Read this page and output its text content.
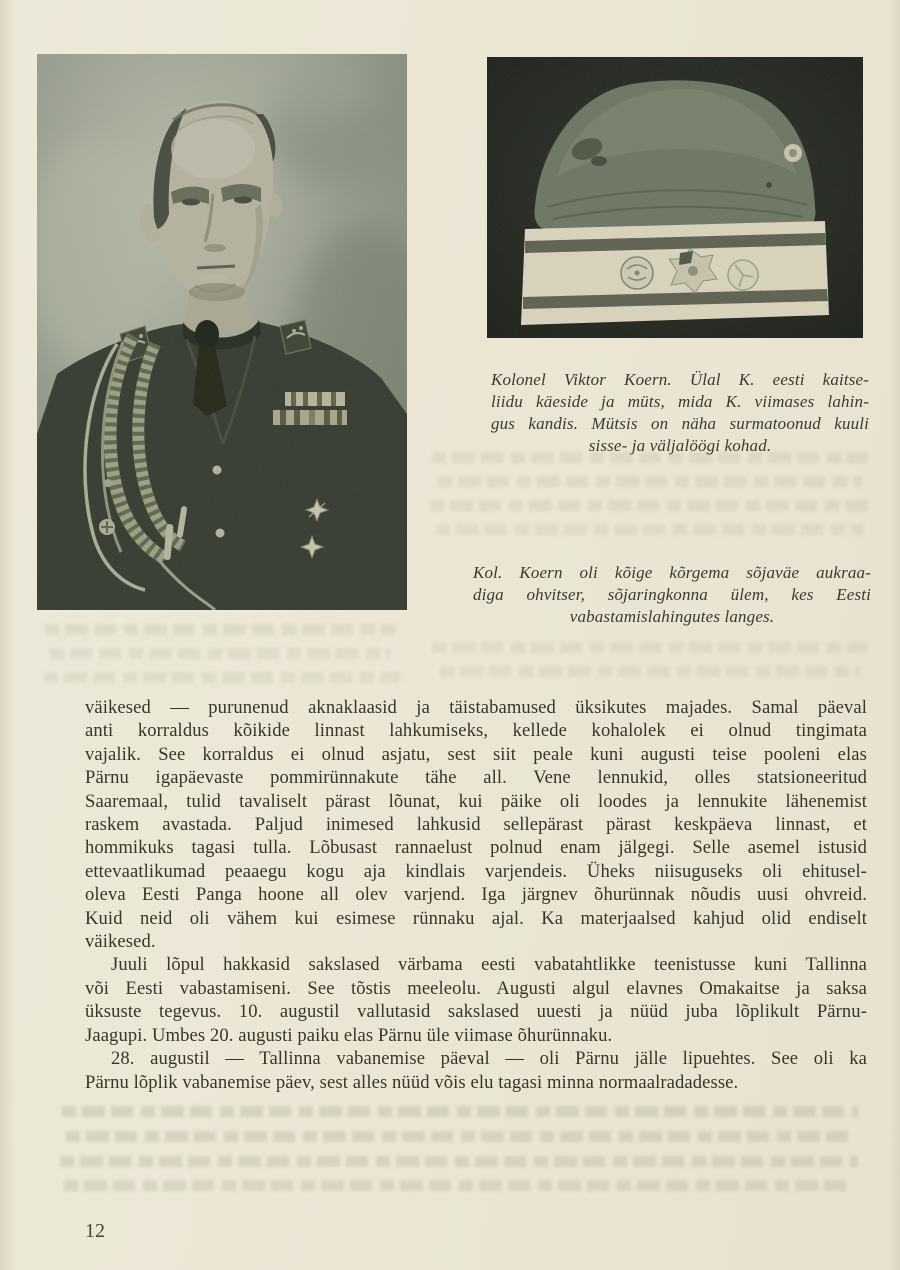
Kolonel Viktor Koern. Ülal K. eesti kaitse-
liidu käeside ja müts, mida K. viimases lahin-
gus kandis. Mütsis on näha surmatoonud kuuli
sisse- ja väljalöögi kohad.
Kol. Koern oli kõige kõrgema sõjaväe aukraa-
diga ohvitser, sõjaringkonna ülem, kes Eesti
vabastamislahingutes langes.
väikesed — purunenud aknaklaasid ja täistabamused üksikutes majades. Samal päeval
anti korraldus kõikide linnast lahkumiseks, kellede kohalolek ei olnud tingimata
vajalik. See korraldus ei olnud asjatu, sest siit peale kuni augusti teise pooleni elas
Pärnu igapäevaste pommirünnakute tähe all. Vene lennukid, olles statsioneeritud
Saaremaal, tulid tavaliselt pärast lõunat, kui päike oli loodes ja lennukite lähenemist
raskem avastada. Paljud inimesed lahkusid sellepärast pärast keskpäeva linnast, et
hommikuks tagasi tulla. Lõbusast rannaelust polnud enam jälgegi. Selle asemel istusid
ettevaatlikumad peaaegu kogu aja kindlais varjendeis. Üheks niisuguseks oli ehitusel-
oleva Eesti Panga hoone all olev varjend. Iga järgnev õhurünnak nõudis uusi ohvreid.
Kuid neid oli vähem kui esimese rünnaku ajal. Ka materjaalsed kahjud olid endiselt
väikesed.
Juuli lõpul hakkasid sakslased värbama eesti vabatahtlikke teenistusse kuni Tallinna
või Eesti vabastamiseni. See tõstis meeleolu. Augusti algul elavnes Omakaitse ja saksa
üksuste tegevus. 10. augustil vallutasid sakslased uuesti ja nüüd juba lõplikult Pärnu-
Jaagupi. Umbes 20. augusti paiku elas Pärnu üle viimase õhurünnaku.
28. augustil — Tallinna vabanemise päeval — oli Pärnu jälle lipuehtes. See oli ka
Pärnu lõplik vabanemise päev, sest alles nüüd võis elu tagasi minna normaalradadesse.
12
